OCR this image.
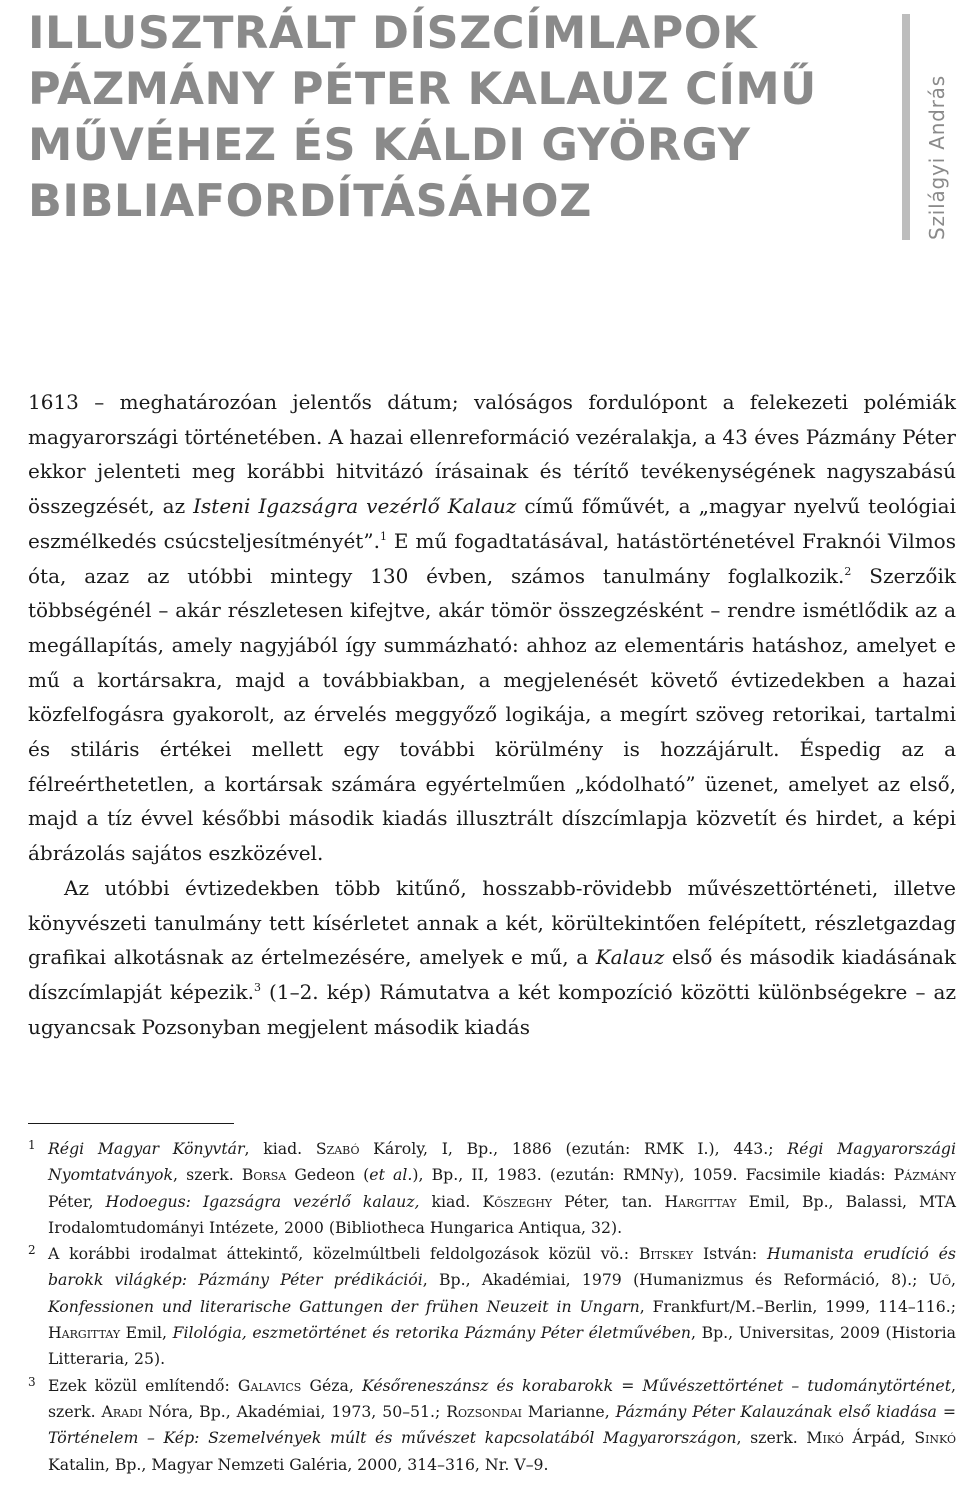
ILLUSZTRÁLT DÍSZCÍMLAPOK
PÁZMÁNY PÉTER KALAUZ CÍMŰ
MŰVÉHEZ ÉS KÁLDI GYÖRGY
BIBLIAFORDÍTÁSÁHOZ	Szilágyi András

1613 – meghatározóan jelentős dátum; valóságos fordulópont a felekezeti polémiák magyarországi történetében. A hazai ellenreformáció vezéralakja, a 43 éves Pázmány Péter ekkor jelenteti meg korábbi hitvitázó írásainak és térítő tevékenységének nagyszabású összegzését, az Isteni Igazságra vezérlő Kalauz című főművét, a „magyar nyelvű teológiai eszmélkedés csúcsteljesítményét”.$^1$ E mű fogadtatásával, hatástörténetével Fraknói Vilmos óta, azaz az utóbbi mintegy 130 évben, számos tanulmány foglalkozik.$^2$ Szerzőik többségénél – akár részletesen kifejtve, akár tömör összegzésként – rendre ismétlődik az a megállapítás, amely nagyjából így summázható: ahhoz az elementáris hatáshoz, amelyet e mű a kortársakra, majd a továbbiakban, a megjelenését követő évtizedekben a hazai közfelfogásra gyakorolt, az érvelés meggyőző logikája, a megírt szöveg retorikai, tartalmi és stiláris értékei mellett egy további körülmény is hozzájárult. Éspedig az a félreérthetetlen, a kortársak számára egyértelműen „kódolható” üzenet, amelyet az első, majd a tíz évvel későbbi második kiadás illusztrált díszcímlapja közvetít és hirdet, a képi ábrázolás sajátos eszközével.

Az utóbbi évtizedekben több kitűnő, hosszabb-rövidebb művészettörténeti, illetve könyvészeti tanulmány tett kísérletet annak a két, körültekintően felépített, részletgazdag grafikai alkotásnak az értelmezésére, amelyek e mű, a Kalauz első és második kiadásának díszcímlapját képezik.$^3$ (1–2. kép) Rámutatva a két kompozíció közötti különbségekre – az ugyancsak Pozsonyban megjelent második kiadás

1 Régi Magyar Könyvtár, kiad. Szabó Károly, I, Bp., 1886 (ezután: RMK I.), 443.; Régi Magyarországi Nyomtatványok, szerk. Borsa Gedeon (et al.), Bp., II, 1983. (ezután: RMNy), 1059. Facsimile kiadás: Pázmány Péter, Hodoegus: Igazságra vezérlő kalauz, kiad. Kőszeghy Péter, tan. Hargittay Emil, Bp., Balassi, MTA Irodalomtudományi Intézete, 2000 (Bibliotheca Hungarica Antiqua, 32).

2 A korábbi irodalmat áttekintő, közelmúltbeli feldolgozások közül vö.: Bitskey István: Humanista erudíció és barokk világkép: Pázmány Péter prédikációi, Bp., Akadémiai, 1979 (Humanizmus és Reformáció, 8).; Uő, Konfessionen und literarische Gattungen der frühen Neuzeit in Ungarn, Frankfurt/M.–Berlin, 1999, 114–116.; Hargittay Emil, Filológia, eszmetörténet és retorika Pázmány Péter életművében, Bp., Universitas, 2009 (Historia Litteraria, 25).

3 Ezek közül említendő: Galavics Géza, Későreneszánsz és korabarokk = Művészettörténet – tudománytörténet, szerk. Aradi Nóra, Bp., Akadémiai, 1973, 50–51.; Rozsondai Marianne, Pázmány Péter Kalauzának első kiadása = Történelem – Kép: Szemelvények múlt és művészet kapcsolatából Magyarországon, szerk. Mikó Árpád, Sinkó Katalin, Bp., Magyar Nemzeti Galéria, 2000, 314–316, Nr. V–9.
